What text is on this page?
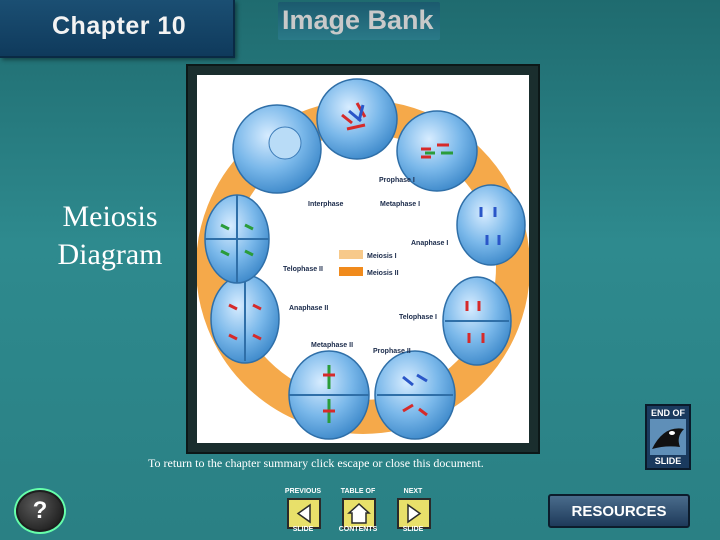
Chapter 10	Image Bank
Meiosis
Diagram
Prophase I
Metaphase I
Interphase
Anaphase I
Telophase II
Anaphase II
Telophase I
Metaphase II
Prophase II
Meiosis I
Meiosis II
To return to the chapter summary click escape or close this document.
?
PREVIOUS
SLIDE
TABLE OF
CONTENTS
NEXT
SLIDE
END OF
SLIDE
RESOURCES
